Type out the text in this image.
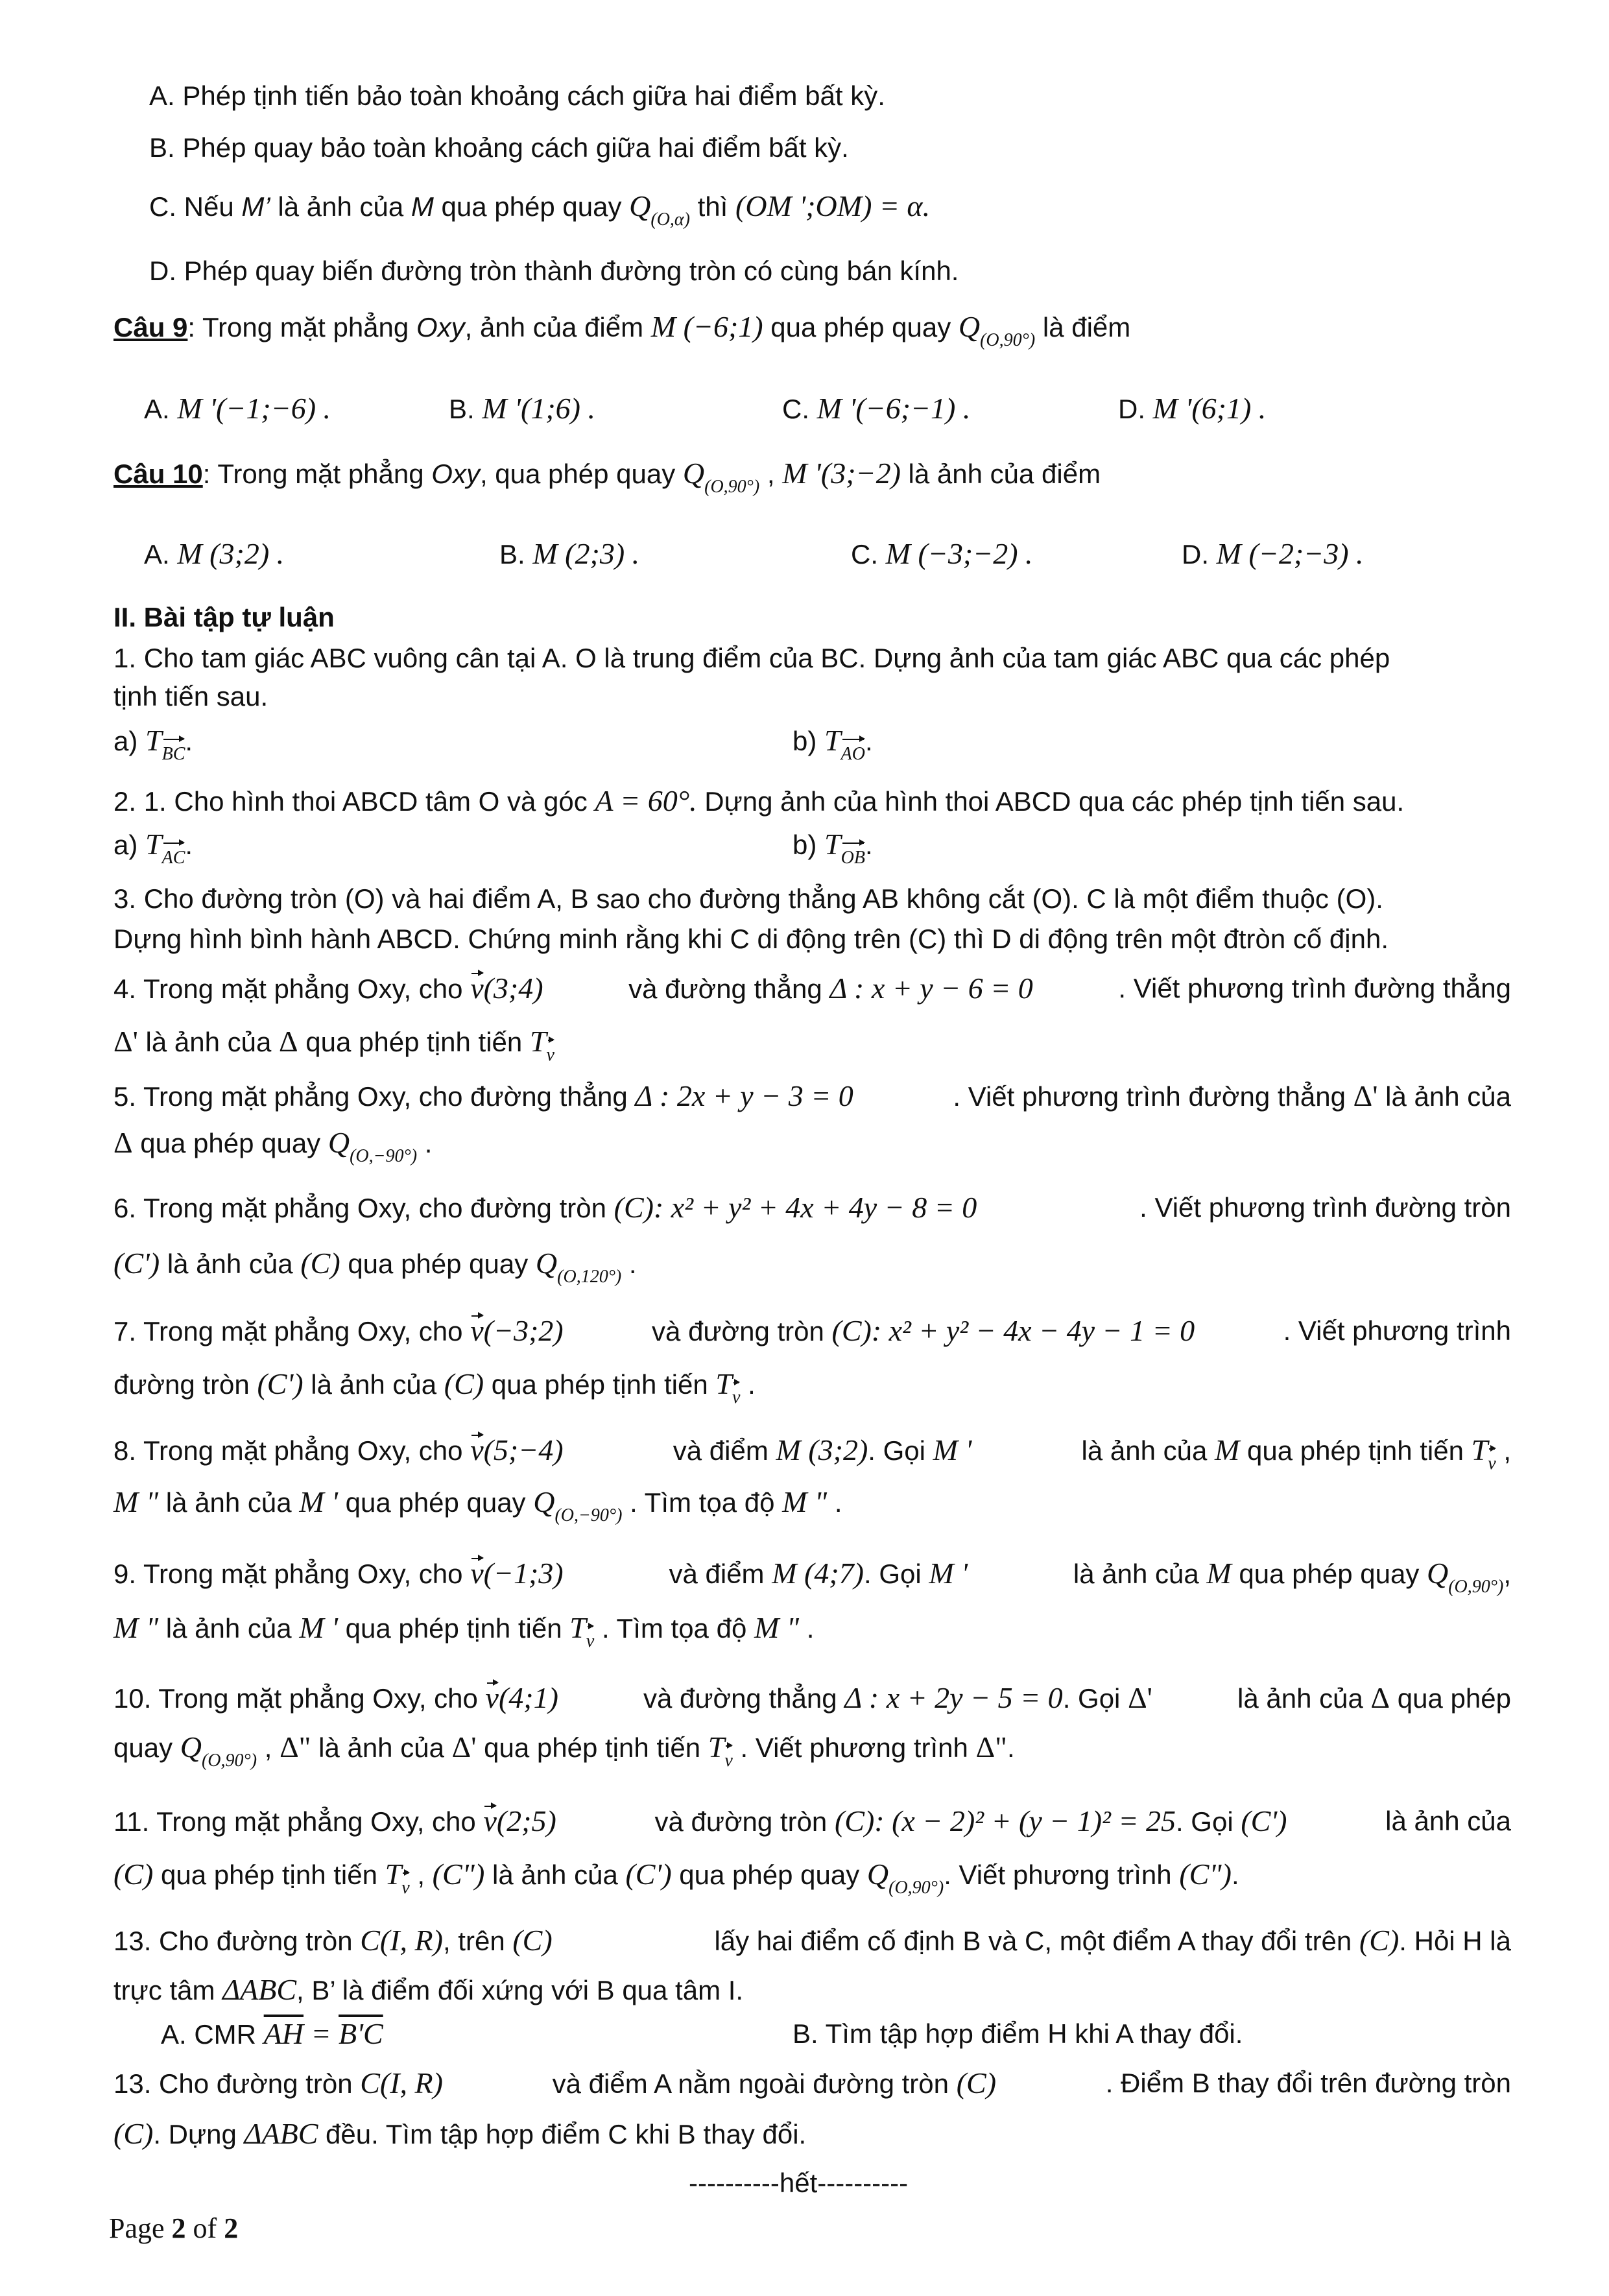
A. Phép tịnh tiến bảo toàn khoảng cách giữa hai điểm bất kỳ.
B. Phép quay bảo toàn khoảng cách giữa hai điểm bất kỳ.
C. Nếu M’ là ảnh của M qua phép quay $Q_{(O,\alpha)}$ thì (OM ';OM) = α.
D. Phép quay biến đường tròn thành đường tròn có cùng bán kính.
Câu 9: Trong mặt phẳng Oxy, ảnh của điểm M (−6;1) qua phép quay $Q_{(O,90^\circ)}$ là điểm
A. M '(−1;−6) .	B. M '(1;6) .	C. M '(−6;−1) .	D. M '(6;1) .
Câu 10: Trong mặt phẳng Oxy, qua phép quay $Q_{(O,90^\circ)}$ , M '(3;−2) là ảnh của điểm
A. M (3;2) .	B. M (2;3) .	C. M (−3;−2) .	D. M (−2;−3) .
II. Bài tập tự luận
1. Cho tam giác ABC vuông cân tại A. O là trung điểm của BC. Dựng ảnh của tam giác ABC qua các phép
tịnh tiến sau.
a) TBC.	b) TAO.
2. 1. Cho hình thoi ABCD tâm O và góc A = 60°. Dựng ảnh của hình thoi ABCD qua các phép tịnh tiến sau.
a) TAC.	b) TOB.
3. Cho đường tròn (O) và hai điểm A, B sao cho đường thẳng AB không cắt (O). C là một điểm thuộc (O).
Dựng hình bình hành ABCD. Chứng minh rằng khi C di động trên (C) thì D di động trên một đtròn cố định.
4. Trong mặt phẳng Oxy, cho v(3;4)	và đường thẳng Δ : x + y − 6 = 0	. Viết phương trình đường thẳng
Δ' là ảnh của Δ qua phép tịnh tiến Tv
5. Trong mặt phẳng Oxy, cho đường thẳng Δ : 2x + y − 3 = 0	. Viết phương trình đường thẳng Δ' là ảnh của
Δ qua phép quay $Q_{(O,-90^\circ)}$ .
6. Trong mặt phẳng Oxy, cho đường tròn (C): x² + y² + 4x + 4y − 8 = 0	. Viết phương trình đường tròn
(C') là ảnh của (C) qua phép quay $Q_{(O,120^\circ)}$ .
7. Trong mặt phẳng Oxy, cho v(−3;2)	và đường tròn (C): x² + y² − 4x − 4y − 1 = 0	. Viết phương trình
đường tròn (C') là ảnh của (C) qua phép tịnh tiến Tv .
8. Trong mặt phẳng Oxy, cho v(5;−4)	và điểm M (3;2). Gọi M '	là ảnh của M qua phép tịnh tiến Tv ,
M " là ảnh của M ' qua phép quay $Q_{(O,-90^\circ)}$ . Tìm tọa độ M " .
9. Trong mặt phẳng Oxy, cho v(−1;3)	và điểm M (4;7). Gọi M '	là ảnh của M qua phép quay $Q_{(O,90^\circ)}$,
M " là ảnh của M ' qua phép tịnh tiến Tv . Tìm tọa độ M " .
10. Trong mặt phẳng Oxy, cho v(4;1)	và đường thẳng Δ : x + 2y − 5 = 0. Gọi Δ'	là ảnh của Δ qua phép
quay $Q_{(O,90^\circ)}$ , Δ" là ảnh của Δ' qua phép tịnh tiến Tv . Viết phương trình Δ".
11. Trong mặt phẳng Oxy, cho v(2;5)	và đường tròn (C): (x − 2)² + (y − 1)² = 25. Gọi (C')	là ảnh của
(C) qua phép tịnh tiến Tv , (C") là ảnh của (C') qua phép quay $Q_{(O,90^\circ)}$. Viết phương trình (C").
13. Cho đường tròn C(I, R), trên (C)	lấy hai điểm cố định B và C, một điểm A thay đổi trên (C). Hỏi H là
trực tâm ΔABC, B’ là điểm đối xứng với B qua tâm I.
A. CMR $\overline{AH} = B'C$	B. Tìm tập hợp điểm H khi A thay đổi.
13. Cho đường tròn C(I, R)	và điểm A nằm ngoài đường tròn (C)	. Điểm B thay đổi trên đường tròn
(C). Dựng ΔABC đều. Tìm tập hợp điểm C khi B thay đổi.
----------hết----------
Page 2 of 2
